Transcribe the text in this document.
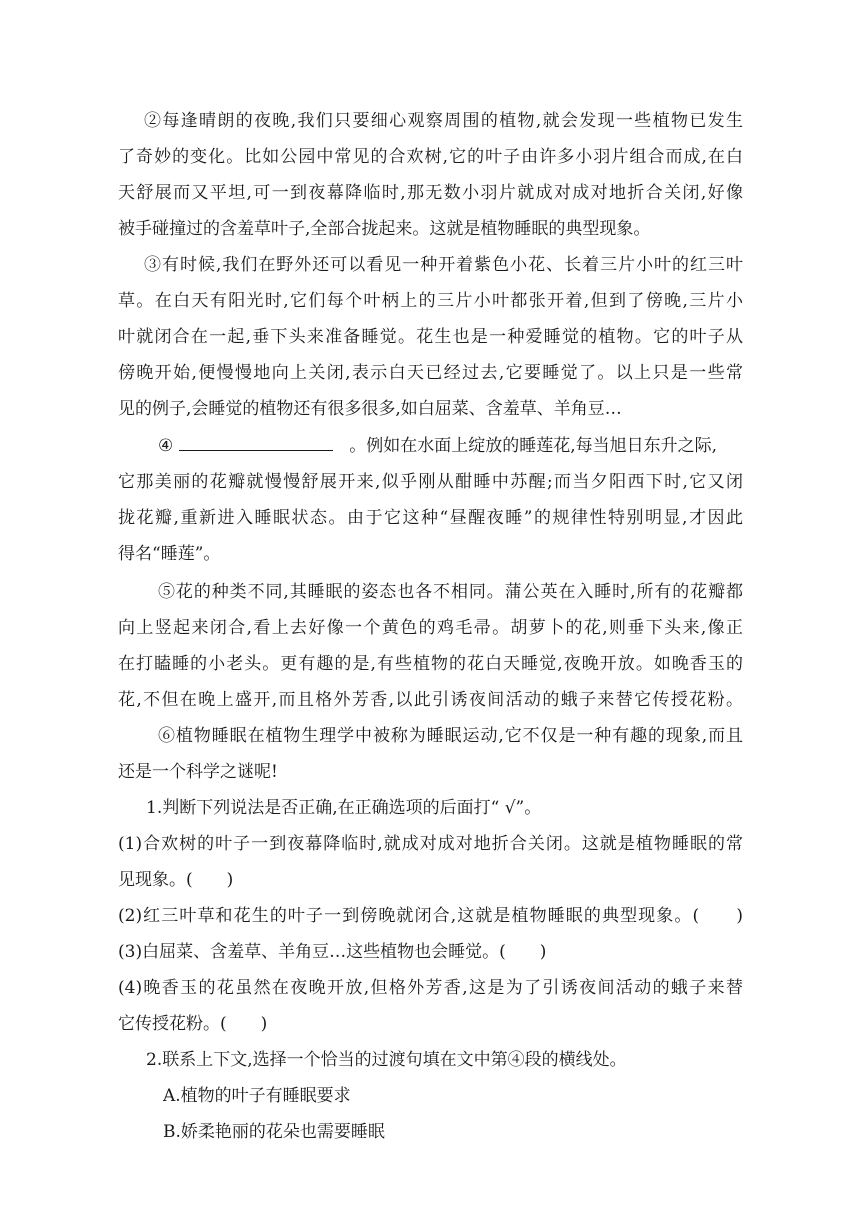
②每逢晴朗的夜晚,我们只要细心观察周围的植物,就会发现一些植物已发生
了奇妙的变化。比如公园中常见的合欢树,它的叶子由许多小羽片组合而成,在白
天舒展而又平坦,可一到夜幕降临时,那无数小羽片就成对成对地折合关闭,好像
被手碰撞过的含羞草叶子,全部合拢起来。这就是植物睡眠的典型现象。
③有时候,我们在野外还可以看见一种开着紫色小花、长着三片小叶的红三叶
草。在白天有阳光时,它们每个叶柄上的三片小叶都张开着,但到了傍晚,三片小
叶就闭合在一起,垂下头来准备睡觉。花生也是一种爱睡觉的植物。它的叶子从
傍晚开始,便慢慢地向上关闭,表示白天已经过去,它要睡觉了。以上只是一些常
见的例子,会睡觉的植物还有很多很多,如白屈菜、含羞草、羊角豆…
④	。例如在水面上绽放的睡莲花,每当旭日东升之际,
它那美丽的花瓣就慢慢舒展开来,似乎刚从酣睡中苏醒;而当夕阳西下时,它又闭
拢花瓣,重新进入睡眠状态。由于它这种“昼醒夜睡”的规律性特别明显,才因此
得名“睡莲”。
⑤花的种类不同,其睡眠的姿态也各不相同。蒲公英在入睡时,所有的花瓣都
向上竖起来闭合,看上去好像一个黄色的鸡毛帚。胡萝卜的花,则垂下头来,像正
在打瞌睡的小老头。更有趣的是,有些植物的花白天睡觉,夜晚开放。如晚香玉的
花,不但在晚上盛开,而且格外芳香,以此引诱夜间活动的蛾子来替它传授花粉。
⑥植物睡眠在植物生理学中被称为睡眠运动,它不仅是一种有趣的现象,而且
还是一个科学之谜呢!
1.判断下列说法是否正确,在正确选项的后面打“ √”。
(1)合欢树的叶子一到夜幕降临时,就成对成对地折合关闭。这就是植物睡眠的常
见现象。(　　)
(2)红三叶草和花生的叶子一到傍晚就闭合,这就是植物睡眠的典型现象。(　　)
(3)白屈菜、含羞草、羊角豆…这些植物也会睡觉。(　　)
(4)晚香玉的花虽然在夜晚开放,但格外芳香,这是为了引诱夜间活动的蛾子来替
它传授花粉。(　　)
2.联系上下文,选择一个恰当的过渡句填在文中第④段的横线处。
A.植物的叶子有睡眠要求
B.娇柔艳丽的花朵也需要睡眠
